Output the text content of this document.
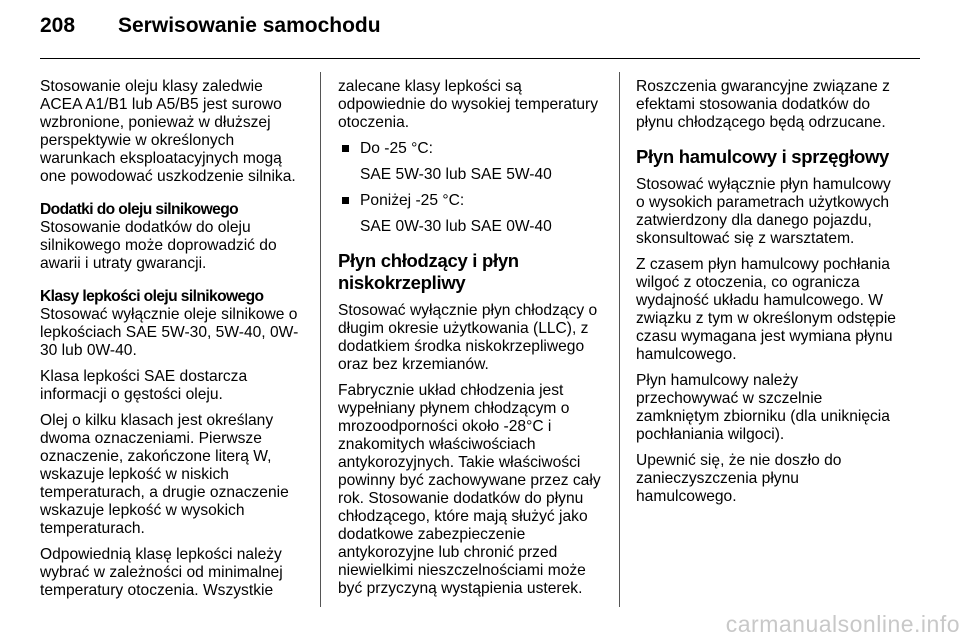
208 Serwisowanie samochodu

Stosowanie oleju klasy zaledwie ACEA A1/B1 lub A5/B5 jest surowo wzbronione, ponieważ w dłuższej perspektywie w określonych warunkach eksploatacyjnych mogą one powodować uszkodzenie silnika.

Dodatki do oleju silnikowego

Stosowanie dodatków do oleju silnikowego może doprowadzić do awarii i utraty gwarancji.

Klasy lepkości oleju silnikowego

Stosować wyłącznie oleje silnikowe o lepkościach SAE 5W-30, 5W-40, 0W-30 lub 0W-40.

Klasa lepkości SAE dostarcza informacji o gęstości oleju.

Olej o kilku klasach jest określany dwoma oznaczeniami. Pierwsze oznaczenie, zakończone literą W, wskazuje lepkość w niskich temperaturach, a drugie oznaczenie wskazuje lepkość w wysokich temperaturach.

Odpowiednią klasę lepkości należy wybrać w zależności od minimalnej temperatury otoczenia. Wszystkie

zalecane klasy lepkości są odpowiednie do wysokiej temperatury otoczenia.

Do -25 °C:

SAE 5W-30 lub SAE 5W-40

Poniżej -25 °C:

SAE 0W-30 lub SAE 0W-40

Płyn chłodzący i płyn niskokrzepliwy

Stosować wyłącznie płyn chłodzący o długim okresie użytkowania (LLC), z dodatkiem środka niskokrzepliwego oraz bez krzemianów.

Fabrycznie układ chłodzenia jest wypełniany płynem chłodzącym o mrozoodporności około -28°C i znakomitych właściwościach antykorozyjnych. Takie właściwości powinny być zachowywane przez cały rok. Stosowanie dodatków do płynu chłodzącego, które mają służyć jako dodatkowe zabezpieczenie antykorozyjne lub chronić przed niewielkimi nieszczelnościami może być przyczyną wystąpienia usterek.

Roszczenia gwarancyjne związane z efektami stosowania dodatków do płynu chłodzącego będą odrzucane.

Płyn hamulcowy i sprzęgłowy

Stosować wyłącznie płyn hamulcowy o wysokich parametrach użytkowych zatwierdzony dla danego pojazdu, skonsultować się z warsztatem.

Z czasem płyn hamulcowy pochłania wilgoć z otoczenia, co ogranicza wydajność układu hamulcowego. W związku z tym w określonym odstępie czasu wymagana jest wymiana płynu hamulcowego.

Płyn hamulcowy należy przechowywać w szczelnie zamkniętym zbiorniku (dla uniknięcia pochłaniania wilgoci).

Upewnić się, że nie doszło do zanieczyszczenia płynu hamulcowego.

carmanualsonline.info
